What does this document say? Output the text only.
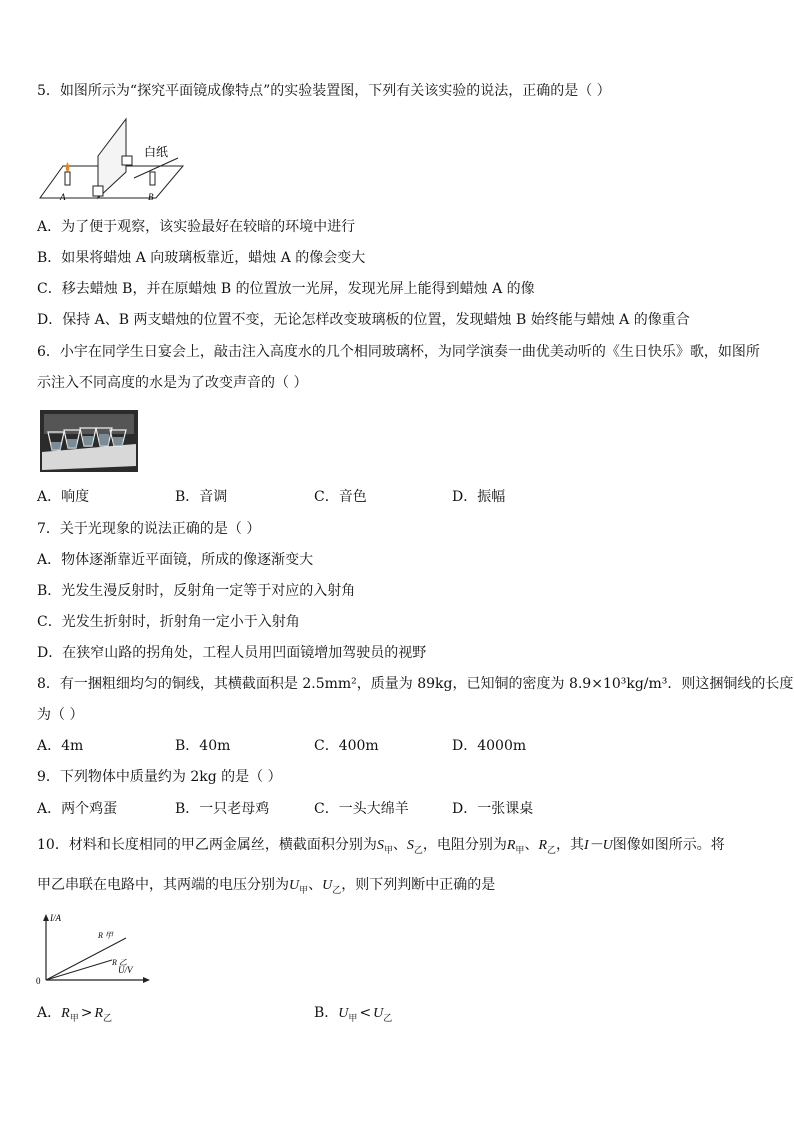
5．如图所示为“探究平面镜成像特点”的实验装置图，下列有关该实验的说法，正确的是（ ）
白纸
A	B
A．为了便于观察，该实验最好在较暗的环境中进行
B．如果将蜡烛 A 向玻璃板靠近，蜡烛 A 的像会变大
C．移去蜡烛 B，并在原蜡烛 B 的位置放一光屏，发现光屏上能得到蜡烛 A 的像
D．保持 A、B 两支蜡烛的位置不变，无论怎样改变玻璃板的位置，发现蜡烛 B 始终能与蜡烛 A 的像重合
6．小宇在同学生日宴会上，敲击注入高度水的几个相同玻璃杯，为同学演奏一曲优美动听的《生日快乐》歌，如图所
示注入不同高度的水是为了改变声音的（ ）
A．响度	B．音调	C．音色	D．振幅
7．关于光现象的说法正确的是（ ）
A．物体逐渐靠近平面镜，所成的像逐渐变大
B．光发生漫反射时，反射角一定等于对应的入射角
C．光发生折射时，折射角一定小于入射角
D．在狭窄山路的拐角处，工程人员用凹面镜增加驾驶员的视野
8．有一捆粗细均匀的铜线，其横截面积是 2.5mm²，质量为 89kg，已知铜的密度为 8.9×10³kg/m³．则这捆铜线的长度
为（ ）
A．4m	B．40m	C．400m	D．4000m
9．下列物体中质量约为 2kg 的是（ ）
A．两个鸡蛋	B．一只老母鸡	C．一头大绵羊	D．一张课桌
10．材料和长度相同的甲乙两金属丝，横截面积分别为$S_甲$、$S_乙$，电阻分别为$R_甲$、$R_乙$，其I－U图像如图所示。将
甲乙串联在电路中，其两端的电压分别为$U_甲$、$U_乙$，则下列判断中正确的是
I/A
U/V
0
R 甲
R 乙
A．$R_甲 > R_乙$	B．$U_甲 < U_乙$
